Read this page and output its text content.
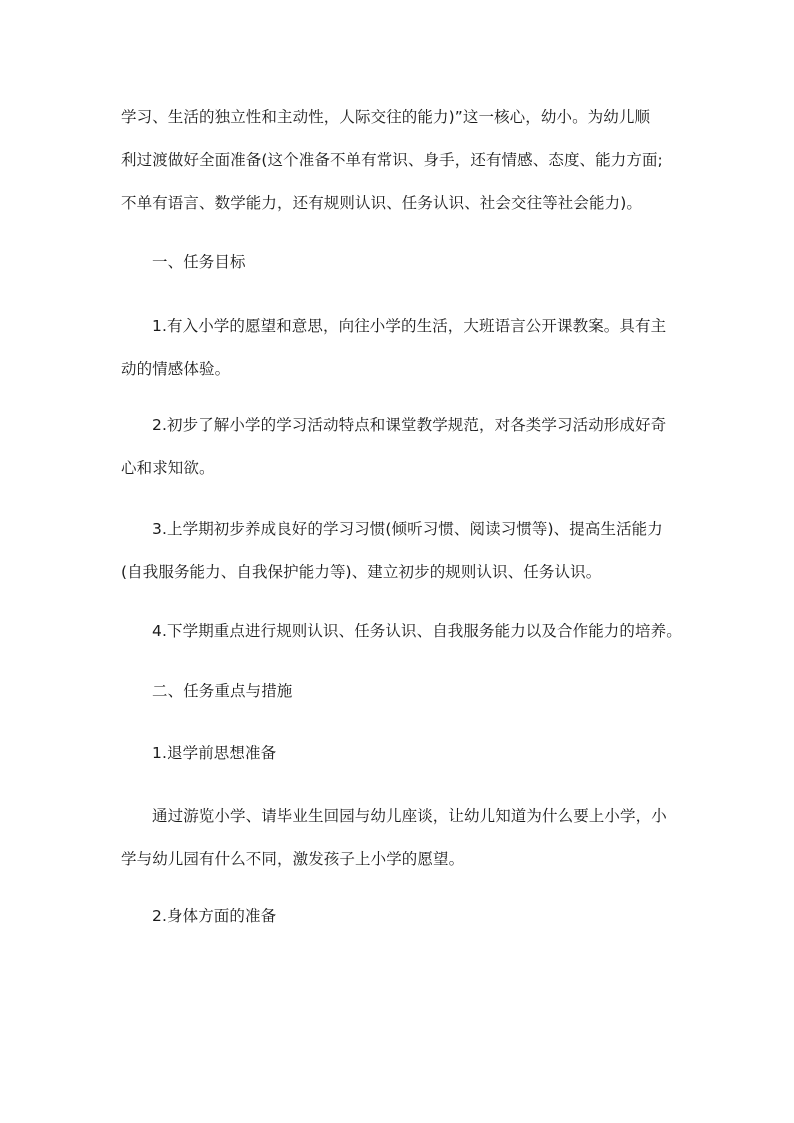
学习、生活的独立性和主动性，人际交往的能力)”这一核心，幼小。为幼儿顺
利过渡做好全面准备(这个准备不单有常识、身手，还有情感、态度、能力方面;
不单有语言、数学能力，还有规则认识、任务认识、社会交往等社会能力)。
一、任务目标
1.有入小学的愿望和意思，向往小学的生活，大班语言公开课教案。具有主
动的情感体验。
2.初步了解小学的学习活动特点和课堂教学规范，对各类学习活动形成好奇
心和求知欲。
3.上学期初步养成良好的学习习惯(倾听习惯、阅读习惯等)、提高生活能力
(自我服务能力、自我保护能力等)、建立初步的规则认识、任务认识。
4.下学期重点进行规则认识、任务认识、自我服务能力以及合作能力的培养。
二、任务重点与措施
1.退学前思想准备
通过游览小学、请毕业生回园与幼儿座谈，让幼儿知道为什么要上小学，小
学与幼儿园有什么不同，激发孩子上小学的愿望。
2.身体方面的准备
